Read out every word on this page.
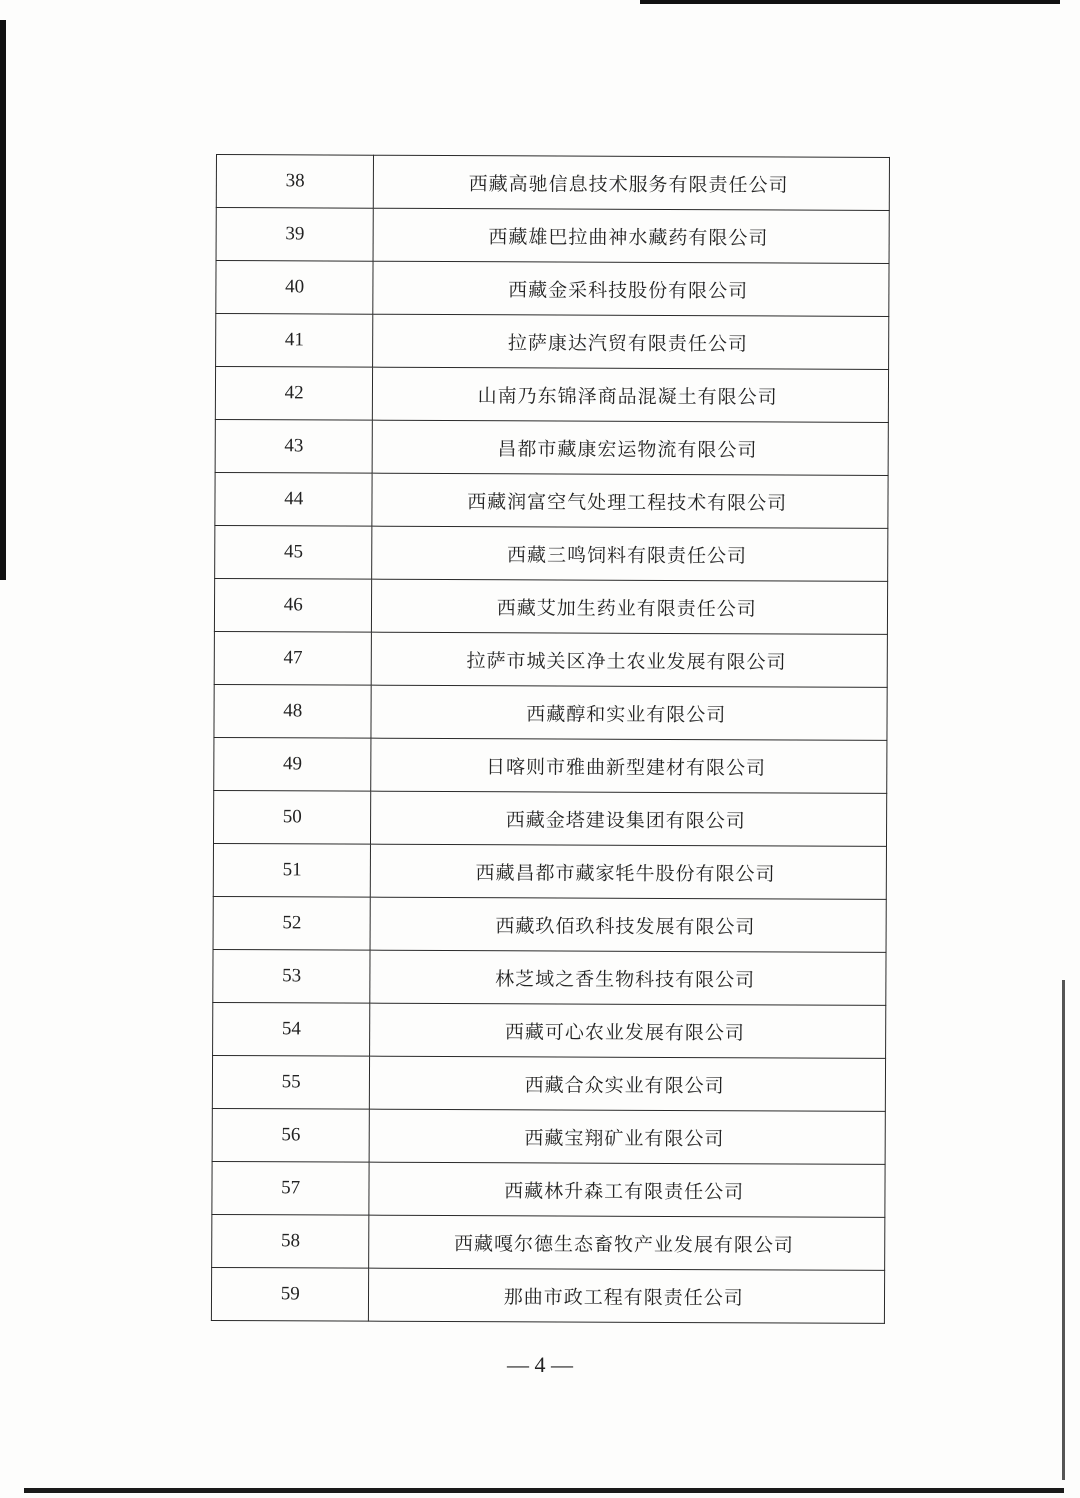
38	西藏高驰信息技术服务有限责任公司
39	西藏雄巴拉曲神水藏药有限公司
40	西藏金采科技股份有限公司
41	拉萨康达汽贸有限责任公司
42	山南乃东锦泽商品混凝土有限公司
43	昌都市藏康宏运物流有限公司
44	西藏润富空气处理工程技术有限公司
45	西藏三鸣饲料有限责任公司
46	西藏艾加生药业有限责任公司
47	拉萨市城关区净土农业发展有限公司
48	西藏醇和实业有限公司
49	日喀则市雅曲新型建材有限公司
50	西藏金塔建设集团有限公司
51	西藏昌都市藏家牦牛股份有限公司
52	西藏玖佰玖科技发展有限公司
53	林芝域之香生物科技有限公司
54	西藏可心农业发展有限公司
55	西藏合众实业有限公司
56	西藏宝翔矿业有限公司
57	西藏林升森工有限责任公司
58	西藏嘎尔德生态畜牧产业发展有限公司
59	那曲市政工程有限责任公司
— 4 —
